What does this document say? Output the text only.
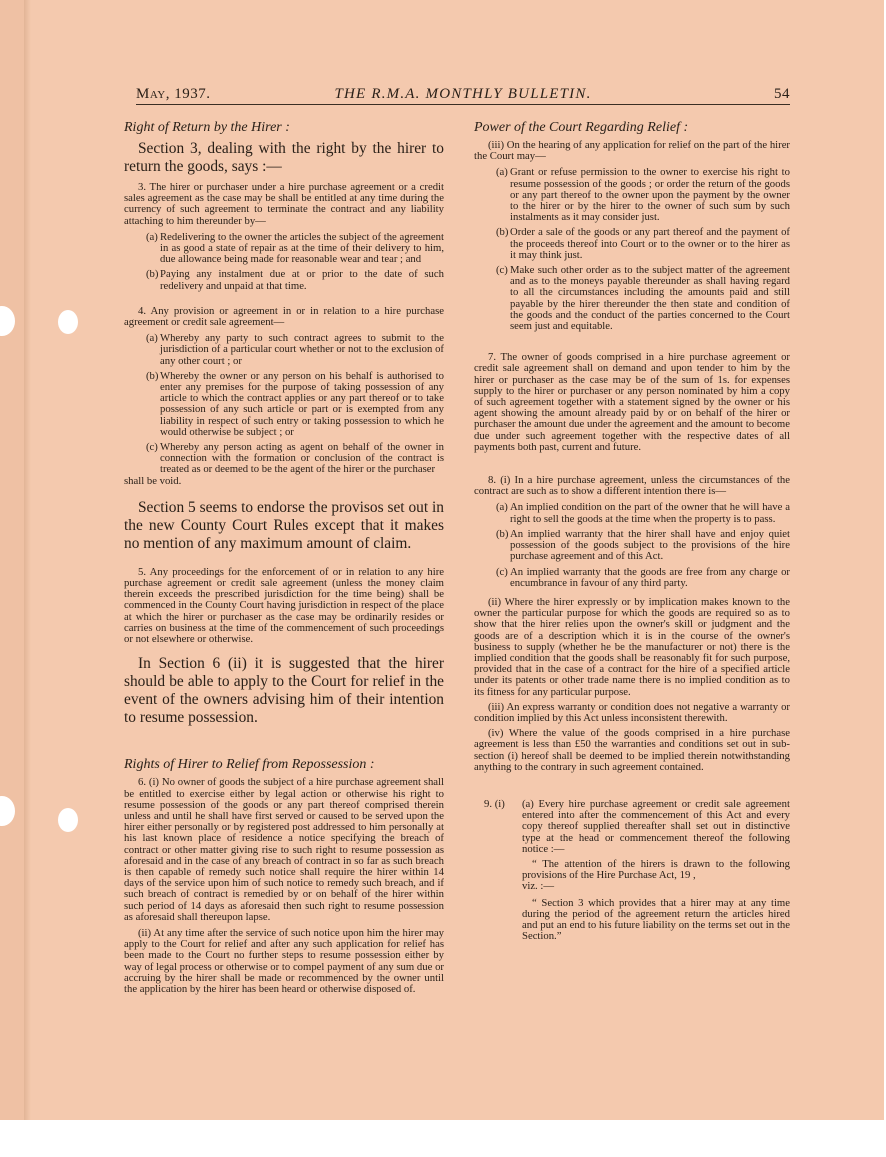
May, 1937.	THE R.M.A. MONTHLY BULLETIN.	54

Right of Return by the Hirer :

Section 3, dealing with the right by the hirer to return the goods, says :—

3. The hirer or purchaser under a hire purchase agreement or a credit sales agreement as the case may be shall be entitled at any time during the currency of such agreement to terminate the contract and any liability attaching to him thereunder by—

(a) Redelivering to the owner the articles the subject of the agreement in as good a state of repair as at the time of their delivery to him, due allowance being made for reasonable wear and tear ; and
(b) Paying any instalment due at or prior to the date of such redelivery and unpaid at that time.

4. Any provision or agreement in or in relation to a hire purchase agreement or credit sale agreement—

(a) Whereby any party to such contract agrees to submit to the jurisdiction of a particular court whether or not to the exclusion of any other court ; or
(b) Whereby the owner or any person on his behalf is authorised to enter any premises for the purpose of taking possession of any article to which the contract applies or any part thereof or to take possession of any such article or part or is exempted from any liability in respect of such entry or taking possession to which he would otherwise be subject ; or
(c) Whereby any person acting as agent on behalf of the owner in connection with the formation or conclusion of the contract is treated as or deemed to be the agent of the hirer or the purchaser

shall be void.

Section 5 seems to endorse the provisos set out in the new County Court Rules except that it makes no mention of any maximum amount of claim.

5. Any proceedings for the enforcement of or in relation to any hire purchase agreement or credit sale agreement (unless the money claim therein exceeds the prescribed jurisdiction for the time being) shall be commenced in the County Court having jurisdiction in respect of the place at which the hirer or purchaser as the case may be ordinarily resides or carries on business at the time of the commencement of such proceedings or not elsewhere or otherwise.

In Section 6 (ii) it is suggested that the hirer should be able to apply to the Court for relief in the event of the owners advising him of their intention to resume possession.

Rights of Hirer to Relief from Repossession :

6. (i) No owner of goods the subject of a hire purchase agreement shall be entitled to exercise either by legal action or otherwise his right to resume possession of the goods or any part thereof comprised therein unless and until he shall have first served or caused to be served upon the hirer either personally or by registered post addressed to him personally at his last known place of residence a notice specifying the breach of contract or other matter giving rise to such right to resume possession as aforesaid and in the case of any breach of contract in so far as such breach is then capable of remedy such notice shall require the hirer within 14 days of the service upon him of such notice to remedy such breach, and if such breach of contract is remedied by or on behalf of the hirer within such period of 14 days as aforesaid then such right to resume possession as aforesaid shall thereupon lapse.

(ii) At any time after the service of such notice upon him the hirer may apply to the Court for relief and after any such application for relief has been made to the Court no further steps to resume possession either by way of legal process or otherwise or to compel payment of any sum due or accruing by the hirer shall be made or recommenced by the owner until the application by the hirer has been heard or otherwise disposed of.

Power of the Court Regarding Relief :

(iii) On the hearing of any application for relief on the part of the hirer the Court may—

(a) Grant or refuse permission to the owner to exercise his right to resume possession of the goods ; or order the return of the goods or any part thereof to the owner upon the payment by the owner to the hirer or by the hirer to the owner of such sum by such instalments as it may consider just.
(b) Order a sale of the goods or any part thereof and the payment of the proceeds thereof into Court or to the owner or to the hirer as it may think just.
(c) Make such other order as to the subject matter of the agreement and as to the moneys payable thereunder as shall having regard to all the circumstances including the amounts paid and still payable by the hirer thereunder the then state and condition of the goods and the conduct of the parties concerned to the Court seem just and equitable.

7. The owner of goods comprised in a hire purchase agreement or credit sale agreement shall on demand and upon tender to him by the hirer or purchaser as the case may be of the sum of 1s. for expenses supply to the hirer or purchaser or any person nominated by him a copy of such agreement together with a statement signed by the owner or his agent showing the amount already paid by or on behalf of the hirer or purchaser the amount due under the agreement and the amount to become due under such agreement together with the respective dates of all payments both past, current and future.

8. (i) In a hire purchase agreement, unless the circumstances of the contract are such as to show a different intention there is—

(a) An implied condition on the part of the owner that he will have a right to sell the goods at the time when the property is to pass.
(b) An implied warranty that the hirer shall have and enjoy quiet possession of the goods subject to the provisions of the hire purchase agreement and of this Act.
(c) An implied warranty that the goods are free from any charge or encumbrance in favour of any third party.

(ii) Where the hirer expressly or by implication makes known to the owner the particular purpose for which the goods are required so as to show that the hirer relies upon the owner's skill or judgment and the goods are of a description which it is in the course of the owner's business to supply (whether he be the manufacturer or not) there is the implied condition that the goods shall be reasonably fit for such purpose, provided that in the case of a contract for the hire of a specified article under its patents or other trade name there is no implied condition as to its fitness for any particular purpose.

(iii) An express warranty or condition does not negative a warranty or condition implied by this Act unless inconsistent therewith.

(iv) Where the value of the goods comprised in a hire purchase agreement is less than £50 the warranties and conditions set out in sub-section (i) hereof shall be deemed to be implied therein notwithstanding anything to the contrary in such agreement contained.

9. (i) (a) Every hire purchase agreement or credit sale agreement entered into after the commencement of this Act and every copy thereof supplied thereafter shall set out in distinctive type at the head or commencement thereof the following notice :—

“ The attention of the hirers is drawn to the following provisions of the Hire Purchase Act, 19 ,

viz. :—

“ Section 3 which provides that a hirer may at any time during the period of the agreement return the articles hired and put an end to his future liability on the terms set out in the Section.”
